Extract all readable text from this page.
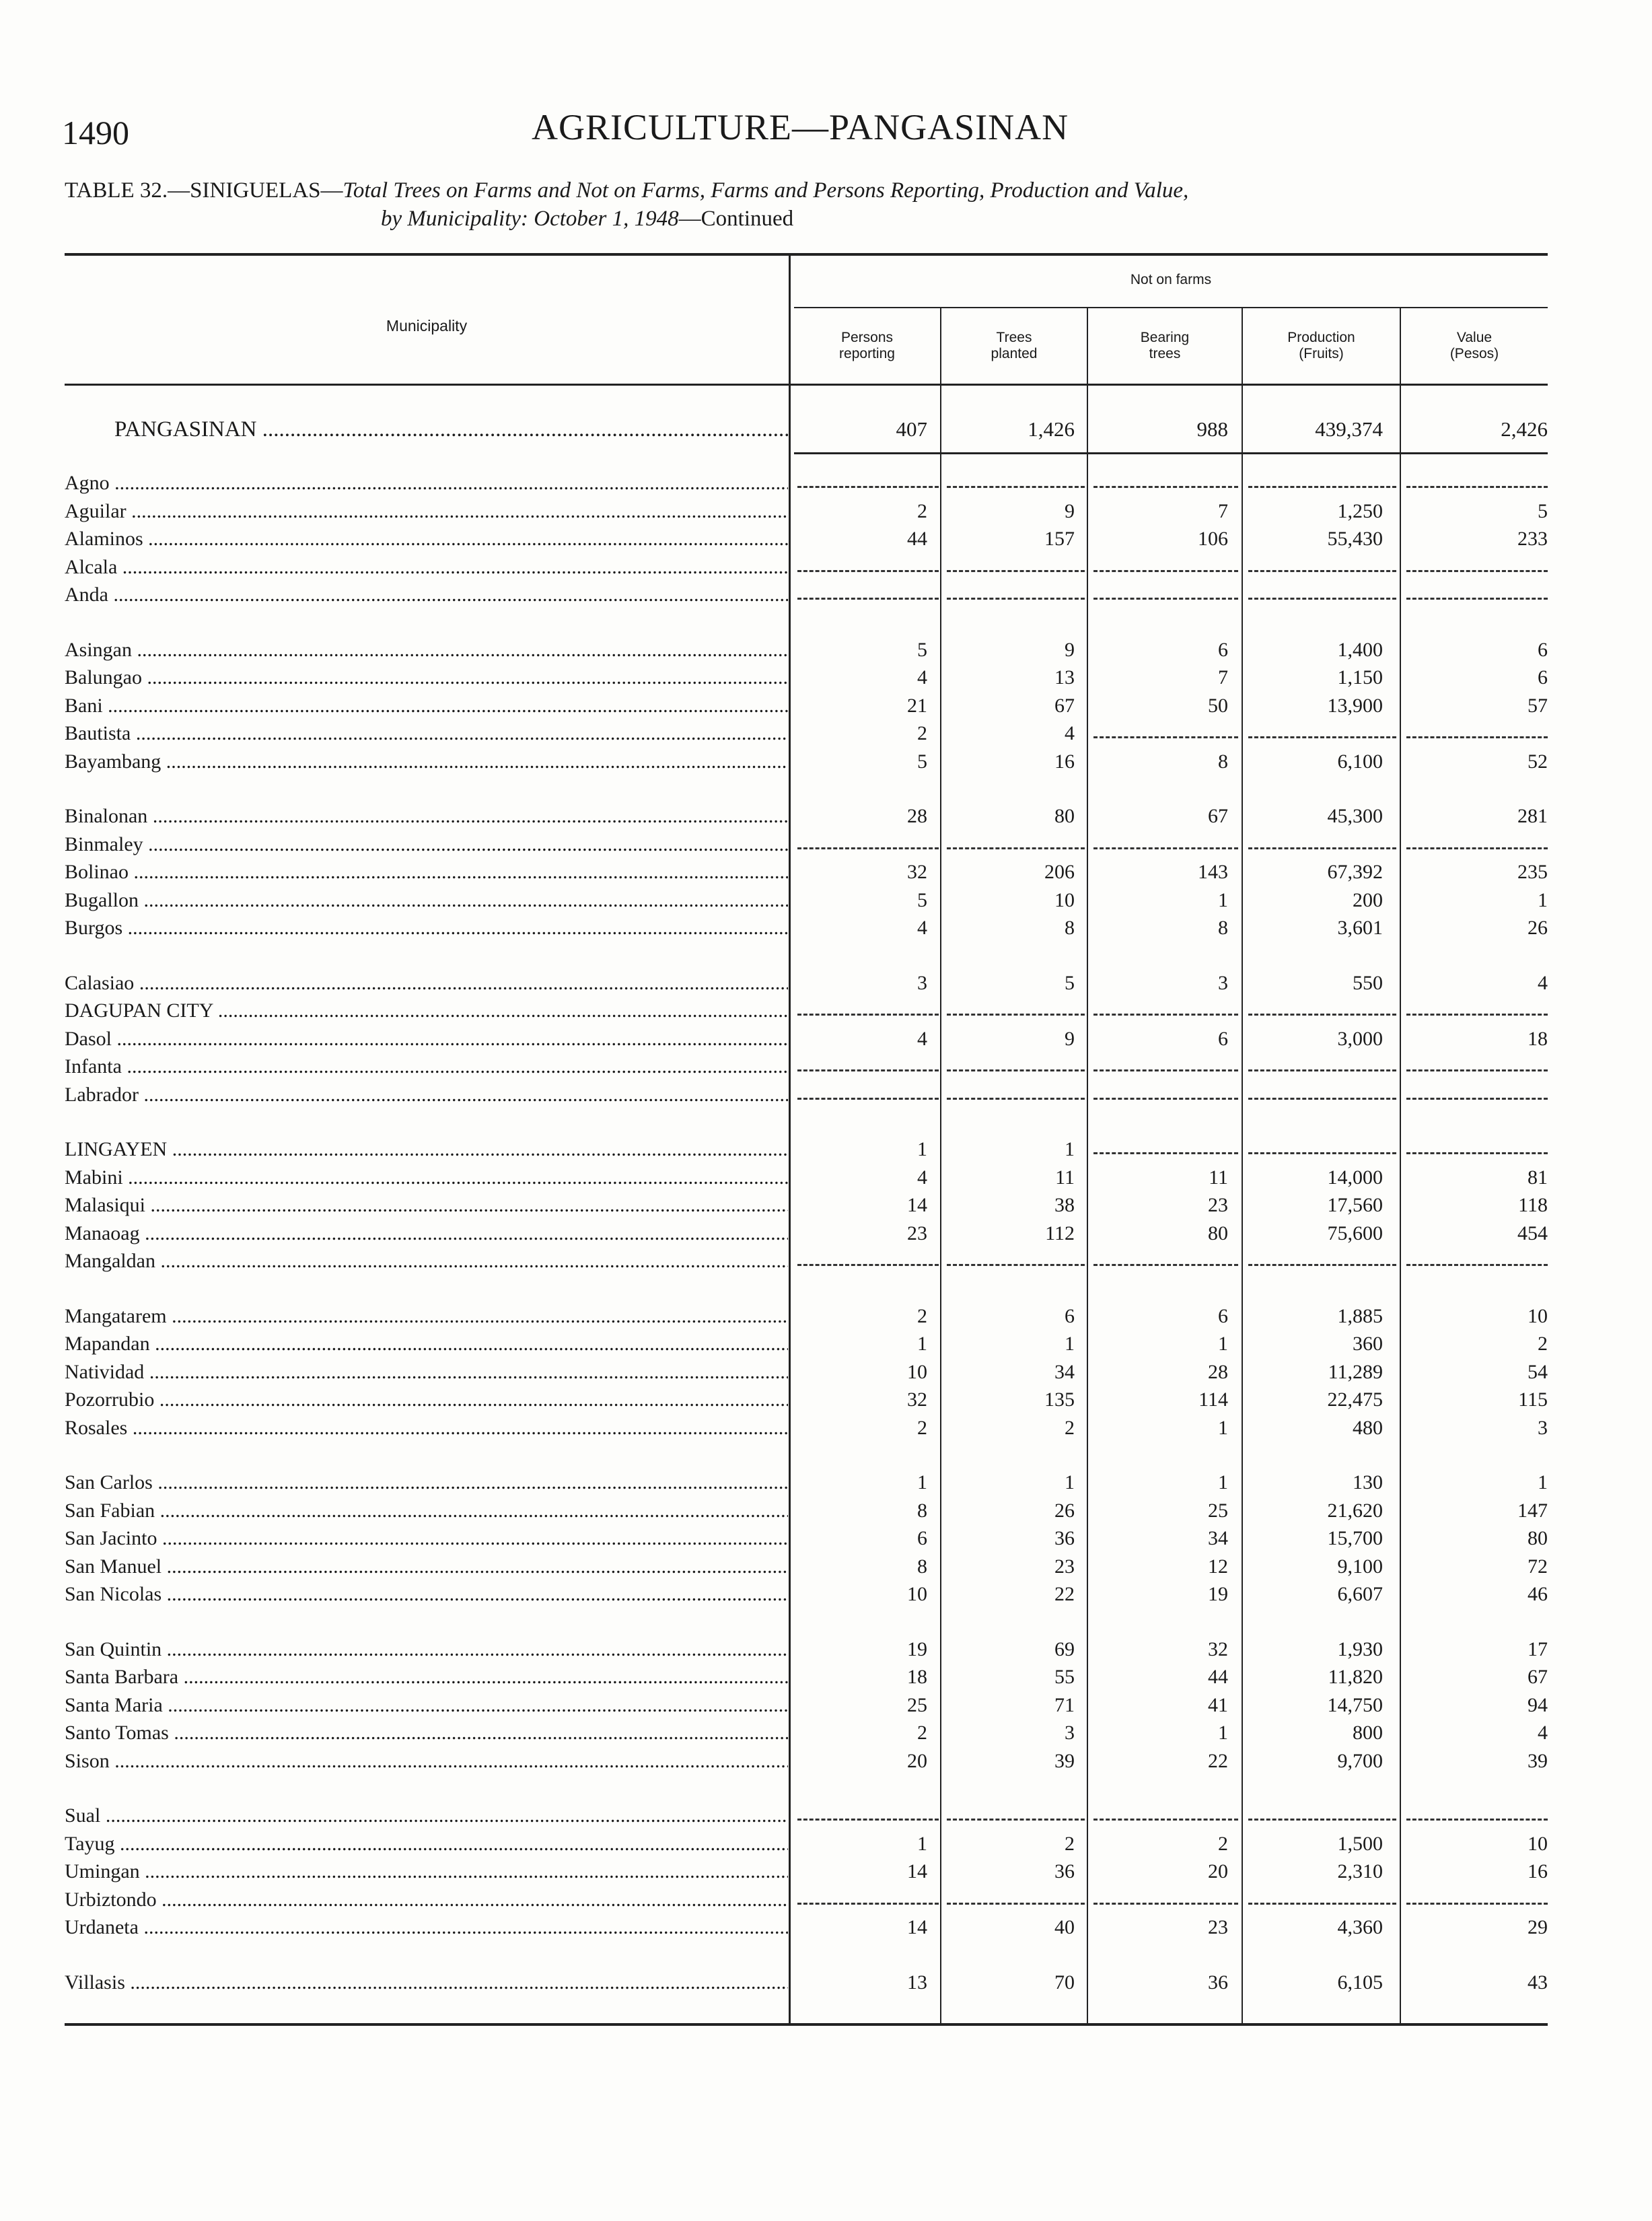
1490	AGRICULTURE—PANGASINAN
TABLE 32.—SINIGUELAS—Total Trees on Farms and Not on Farms, Farms and Persons Reporting, Production and Value,
by Municipality: October 1, 1948—Continued
Municipality
Not on farms
Persons
reporting
Trees
planted
Bearing
trees
Production
(Fruits)
Value
(Pesos)
PANGASINAN .....	407	1,426	988	439,374	2,426
Agno .....
Aguilar .....	2	9	7	1,250	5
Alaminos .....	44	157	106	55,430	233
Alcala .....
Anda .....
Asingan .....	5	9	6	1,400	6
Balungao .....	4	13	7	1,150	6
Bani .....	21	67	50	13,900	57
Bautista .....	2	4
Bayambang .....	5	16	8	6,100	52
Binalonan .....	28	80	67	45,300	281
Binmaley .....
Bolinao .....	32	206	143	67,392	235
Bugallon .....	5	10	1	200	1
Burgos .....	4	8	8	3,601	26
Calasiao .....	3	5	3	550	4
DAGUPAN CITY .....
Dasol .....	4	9	6	3,000	18
Infanta .....
Labrador .....
LINGAYEN .....	1	1
Mabini .....	4	11	11	14,000	81
Malasiqui .....	14	38	23	17,560	118
Manaoag .....	23	112	80	75,600	454
Mangaldan .....
Mangatarem .....	2	6	6	1,885	10
Mapandan .....	1	1	1	360	2
Natividad .....	10	34	28	11,289	54
Pozorrubio .....	32	135	114	22,475	115
Rosales .....	2	2	1	480	3
San Carlos .....	1	1	1	130	1
San Fabian .....	8	26	25	21,620	147
San Jacinto .....	6	36	34	15,700	80
San Manuel .....	8	23	12	9,100	72
San Nicolas .....	10	22	19	6,607	46
San Quintin .....	19	69	32	1,930	17
Santa Barbara .....	18	55	44	11,820	67
Santa Maria .....	25	71	41	14,750	94
Santo Tomas .....	2	3	1	800	4
Sison .....	20	39	22	9,700	39
Sual .....
Tayug .....	1	2	2	1,500	10
Umingan .....	14	36	20	2,310	16
Urbiztondo .....
Urdaneta .....	14	40	23	4,360	29
Villasis .....	13	70	36	6,105	43
